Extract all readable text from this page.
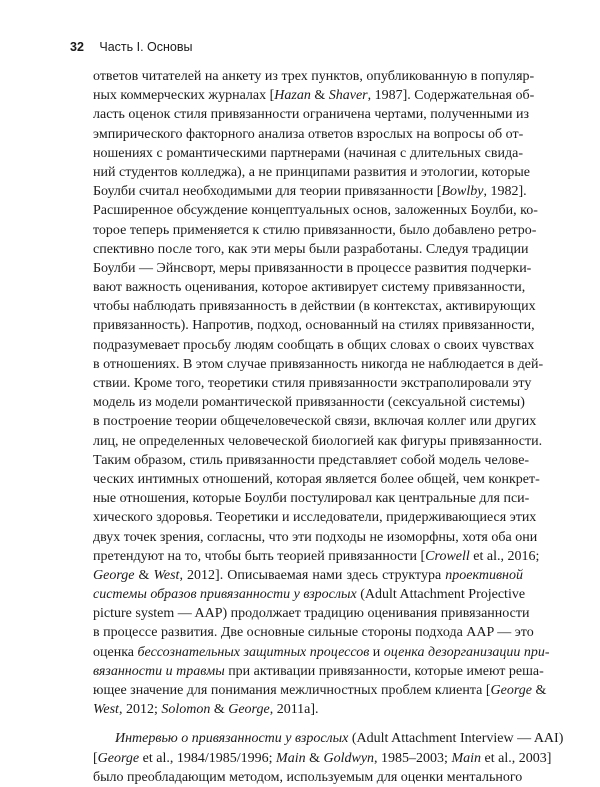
32 Часть I. Основы
ответов читателей на анкету из трех пунктов, опубликованную в популяр-
ных коммерческих журналах [Hazan & Shaver, 1987]. Содержательная об-
ласть оценок стиля привязанности ограничена чертами, полученными из
эмпирического факторного анализа ответов взрослых на вопросы об от-
ношениях с романтическими партнерами (начиная с длительных свида-
ний студентов колледжа), а не принципами развития и этологии, которые
Боулби считал необходимыми для теории привязанности [Bowlby, 1982].
Расширенное обсуждение концептуальных основ, заложенных Боулби, ко-
торое теперь применяется к стилю привязанности, было добавлено ретро-
спективно после того, как эти меры были разработаны. Следуя традиции
Боулби — Эйнсворт, меры привязанности в процессе развития подчерки-
вают важность оценивания, которое активирует систему привязанности,
чтобы наблюдать привязанность в действии (в контекстах, активирующих
привязанность). Напротив, подход, основанный на стилях привязанности,
подразумевает просьбу людям сообщать в общих словах о своих чувствах
в отношениях. В этом случае привязанность никогда не наблюдается в дей-
ствии. Кроме того, теоретики стиля привязанности экстраполировали эту
модель из модели романтической привязанности (сексуальной системы)
в построение теории общечеловеческой связи, включая коллег или других
лиц, не определенных человеческой биологией как фигуры привязанности.
Таким образом, стиль привязанности представляет собой модель челове-
ческих интимных отношений, которая является более общей, чем конкрет-
ные отношения, которые Боулби постулировал как центральные для пси-
хического здоровья. Теоретики и исследователи, придерживающиеся этих
двух точек зрения, согласны, что эти подходы не изоморфны, хотя оба они
претендуют на то, чтобы быть теорией привязанности [Crowell et al., 2016;
George & West, 2012]. Описываемая нами здесь структура проективной
системы образов привязанности у взрослых (Adult Attachment Projective
picture system — AAP) продолжает традицию оценивания привязанности
в процессе развития. Две основные сильные стороны подхода AAP — это
оценка бессознательных защитных процессов и оценка дезорганизации при-
вязанности и травмы при активации привязанности, которые имеют реша-
ющее значение для понимания межличностных проблем клиента [George &
West, 2012; Solomon & George, 2011a].
Интервью о привязанности у взрослых (Adult Attachment Interview — AAI)
[George et al., 1984/1985/1996; Main & Goldwyn, 1985–2003; Main et al., 2003]
было преобладающим методом, используемым для оценки ментального
